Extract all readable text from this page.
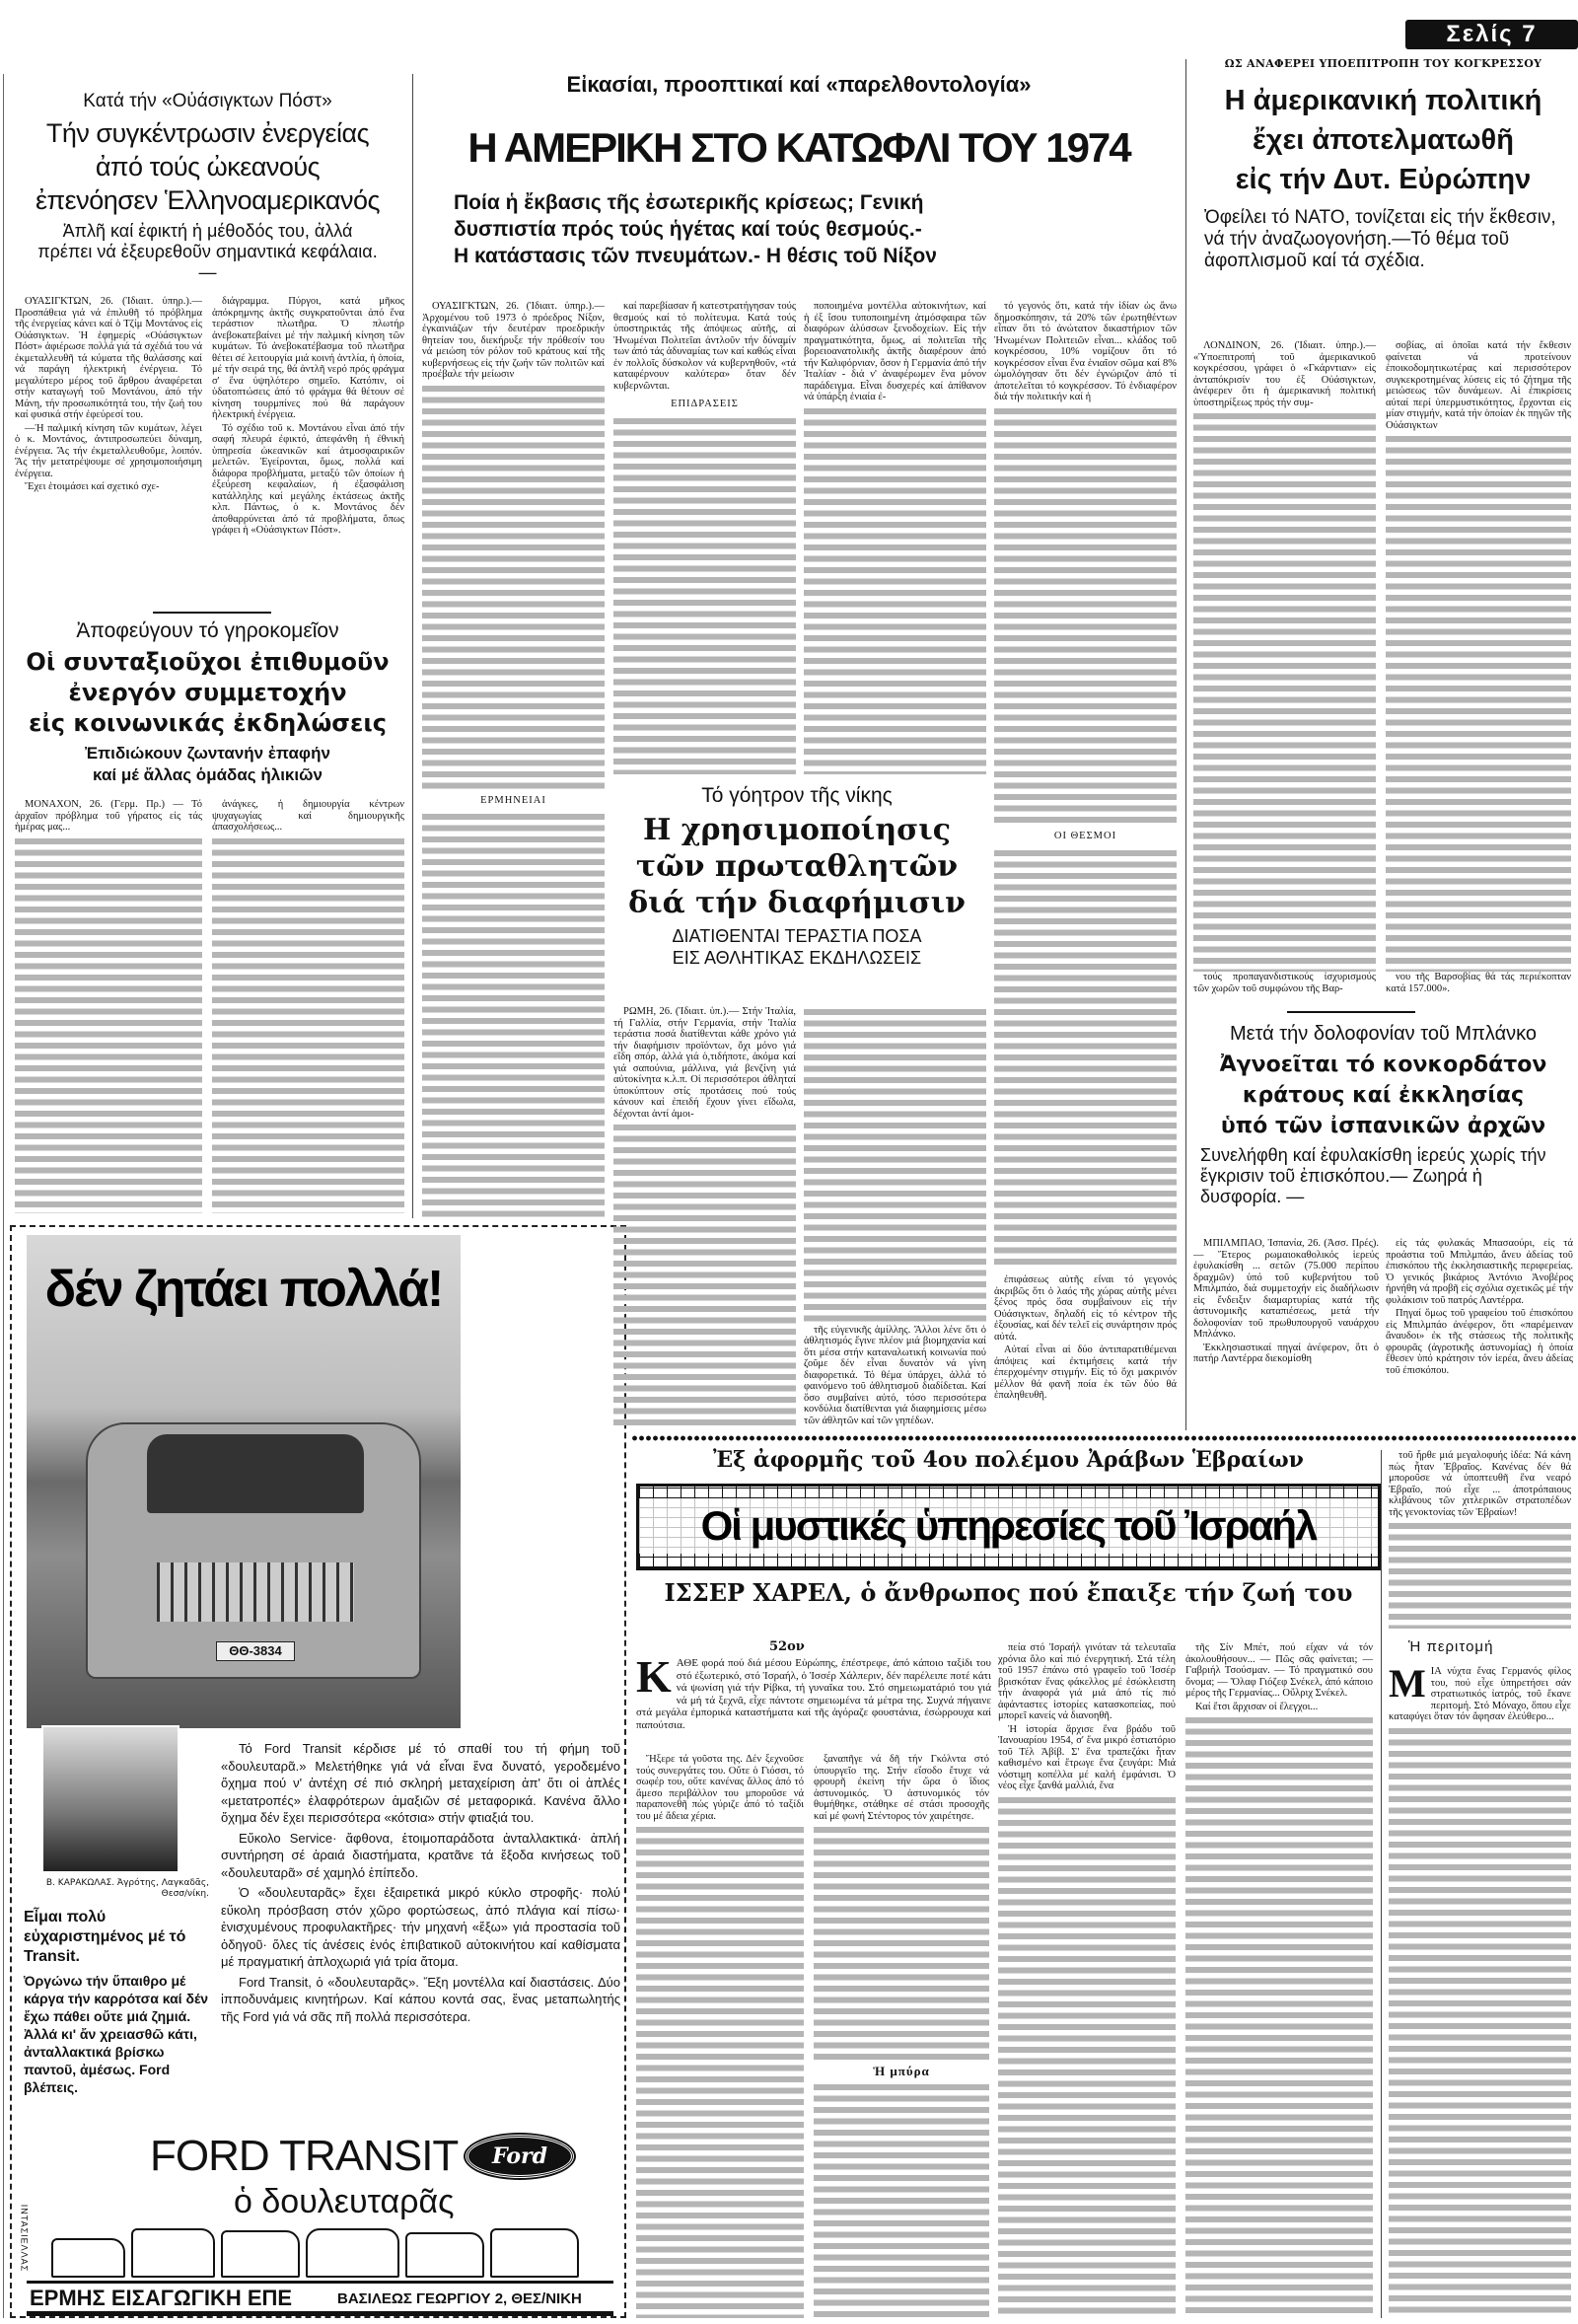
Σελίς 7
Κατά τήν «Οὐάσιγκτων Πόστ»
Τήν συγκέντρωσιν ἐνεργείας
ἀπό τούς ὠκεανούς
ἐπενόησεν Ἑλληνοαμερικανός
Ἁπλῆ καί ἐφικτή ἡ μέθοδός του, ἀλλά πρέπει νά ἐξευρεθοῦν σημαντικά κεφάλαια. —

ΟΥΑΣΙΓΚΤΩΝ, 26. (Ἰδιαιτ. ὑπηρ.).— Προσπάθεια γιά νά ἐπιλυθῆ τό πρόβλημα τῆς ἐνεργείας κάνει καί ὁ Τζίμ Μοντάνος εἰς Οὐάσιγκτων. Ἡ ἐφημερίς «Οὐάσιγκτων Πόστ» ἀφιέρωσε πολλά γιά τά σχέδιά του νά ἐκμεταλλευθῆ τά κύματα τῆς θαλάσσης καί νά παράγη ἠλεκτρική ἐνέργεια. Τό μεγαλύτερο μέρος τοῦ ἄρθρου ἀναφέρεται στήν καταγωγή τοῦ Μοντάνου, ἀπό τήν Μάνη, τήν προσωπικότητά του, τήν ζωή του καί φυσικά στήν ἐφεύρεσί του.

—Ἡ παλμική κίνηση τῶν κυμάτων, λέγει ὁ κ. Μοντάνος, ἀντιπροσωπεύει δύναμη, ἐνέργεια. Ἄς τήν ἐκμεταλλευθοῦμε, λοιπόν. Ἄς τήν μετατρέψουμε σέ χρησιμοποιήσιμη ἐνέργεια.

Ἔχει ἑτοιμάσει καί σχετικό σχε-

διάγραμμα. Πύργοι, κατά μῆκος ἀπόκρημνης ἀκτῆς συγκρατοῦνται ἀπό ἕνα τεράστιον πλωτῆρα. Ὁ πλωτήρ ἀνεβοκατεβαίνει μέ τήν παλμική κίνηση τῶν κυμάτων. Τό ἀνεβοκατέβασμα τοῦ πλωτῆρα θέτει σέ λειτουργία μιά κοινή ἀντλία, ἡ ὁποία, μέ τήν σειρά της, θά ἀντλῆ νερό πρός φράγμα σ' ἕνα ὑψηλότερο σημεῖο. Κατόπιν, οἱ ὑδατοπτώσεις ἀπό τό φράγμα θά θέτουν σέ κίνηση τουρμπίνες πού θά παράγουν ἠλεκτρική ἐνέργεια.

Τό σχέδιο τοῦ κ. Μοντάνου εἶναι ἀπό τήν σαφή πλευρά ἐφικτό, ἀπεφάνθη ἡ ἐθνική ὑπηρεσία ὠκεανικῶν καί ἀτμοσφαιρικῶν μελετῶν. Ἐγείρονται, ὅμως, πολλά καί διάφορα προβλήματα, μεταξύ τῶν ὁποίων ἡ ἐξεύρεση κεφαλαίων, ἡ ἐξασφάλιση κατάλληλης καί μεγάλης ἐκτάσεως ἀκτῆς κλπ. Πάντως, ὁ κ. Μοντάνος δέν ἀποθαρρύνεται ἀπό τά προβλήματα, ὅπως γράφει ἡ «Οὐάσιγκτων Πόστ».

Ἀποφεύγουν τό γηροκομεῖον
Οἱ συνταξιοῦχοι ἐπιθυμοῦν
ἐνεργόν συμμετοχήν
εἰς κοινωνικάς ἐκδηλώσεις
Ἐπιδιώκουν ζωντανήν ἐπαφήν
καί μέ ἄλλας ὁμάδας ἡλικιῶν

ΜΟΝΑΧΟΝ, 26. (Γερμ. Πρ.) — Τό ἀρχαῖον πρόβλημα τοῦ γήρατος εἰς τάς ἡμέρας μας...

ἀνάγκες, ἡ δημιουργία κέντρων ψυχαγωγίας καί δημιουργικῆς ἀπασχολήσεως...

ΘΘ-3834
δέν ζητάει πολλά!
Β. ΚΑΡΑΚΩΛΑΣ. Ἀγρότης, Λαγκαδᾶς, Θεσσ/νίκη.
Εἶμαι πολύ εὐχαριστημένος μέ τό Transit.
Ὀργώνω τήν ὕπαιθρο μέ κάργα τήν καρρότσα καί δέν ἔχω πάθει οὔτε μιά ζημιά. Ἀλλά κι' ἄν χρειασθῶ κάτι, ἀνταλλακτικά βρίσκω παντοῦ, ἀμέσως. Ford βλέπεις.

Τό Ford Transit κέρδισε μέ τό σπαθί του τή φήμη τοῦ «δουλευταρᾶ.» Μελετήθηκε γιά νά εἶναι ἕνα δυνατό, γεροδεμένο ὄχημα πού ν' ἀντέχη σέ πιό σκληρή μεταχείριση ἀπ' ὅτι οἱ ἁπλές «μετατροπές» ἐλαφρότερων ἁμαξιῶν σέ μεταφορικά. Κανένα ἄλλο ὄχημα δέν ἔχει περισσότερα «κότσια» στήν φτιαξιά του.

Εὔκολο Service· ἄφθονα, ἑτοιμοπαράδοτα ἀνταλλακτικά· ἁπλή συντήρηση σέ ἀραιά διαστήματα, κρατᾶνε τά ἔξοδα κινήσεως τοῦ «δουλευταρᾶ» σέ χαμηλό ἐπίπεδο.

Ὁ «δουλευταρᾶς» ἔχει ἐξαιρετικά μικρό κύκλο στροφῆς· πολύ εὔκολη πρόσβαση στόν χῶρο φορτώσεως, ἀπό πλάγια καί πίσω· ἐνισχυμένους προφυλακτῆρες· τήν μηχανή «ἔξω» γιά προστασία τοῦ ὁδηγοῦ· ὅλες τίς ἀνέσεις ἑνός ἐπιβατικοῦ αὐτοκινήτου καί καθίσματα μέ πραγματική ἀπλοχωριά γιά τρία ἄτομα.

Ford Transit, ὁ «δουλευταρᾶς». Ἔξη μοντέλλα καί διαστάσεις. Δύο ἱπποδυνάμεις κινητήρων. Καί κάπου κοντά σας, ἕνας μεταπωλητής τῆς Ford γιά νά σᾶς πῆ πολλά περισσότερα.

ΙΝΤΑΣΙΕΛΛΑΣ
FORD TRANSIT	Ford
ὁ δουλευταρᾶς
ΕΡΜΗΣ ΕΙΣΑΓΩΓΙΚΗ ΕΠΕ	ΒΑΣΙΛΕΩΣ ΓΕΩΡΓΙΟΥ 2, ΘΕΣ/ΝΙΚΗ
Εἰκασίαι, προοπτικαί καί «παρελθοντολογία»
Η ΑΜΕΡΙΚΗ ΣΤΟ ΚΑΤΩΦΛΙ ΤΟΥ 1974
Ποία ἡ ἔκβασις τῆς ἐσωτερικῆς κρίσεως; Γενική
δυσπιστία πρός τούς ἡγέτας καί τούς θεσμούς.-
Η κατάστασις τῶν πνευμάτων.- Η θέσις τοῦ Νίξον

ΟΥΑΣΙΓΚΤΩΝ, 26. (Ἰδιαιτ. ὑπηρ.).— Ἀρχομένου τοῦ 1973 ὁ πρόεδρος Νίξον, ἐγκαινιάζων τήν δευτέραν προεδρικήν θητείαν του, διεκήρυξε τήν πρόθεσίν του νά μειώση τόν ρόλον τοῦ κράτους καί τῆς κυβερνήσεως εἰς τήν ζωήν τῶν πολιτῶν καί προέβαλε τήν μείωσιν

ΕΡΜΗΝΕΙΑΙ

καί παρεβίασαν ἤ κατεστρατήγησαν τούς θεσμούς καί τό πολίτευμα. Κατά τούς ὑποστηρικτάς τῆς ἀπόψεως αὐτῆς, αἱ Ἡνωμέναι Πολιτεῖαι ἀντλοῦν τήν δύναμίν των ἀπό τάς ἀδυναμίας των καί καθώς εἶναι ἐν πολλοῖς δύσκολον νά κυβερνηθοῦν, «τά καταφέρνουν καλύτερα» ὅταν δέν κυβερνῶνται.

ΕΠΙΔΡΑΣΕΙΣ

ποποιημένα μοντέλλα αὐτοκινήτων, καί ἡ ἐξ ἴσου τυποποιημένη ἀτμόσφαιρα τῶν διαφόρων ἀλύσσων ξενοδοχείων. Εἰς τήν πραγματικότητα, ὅμως, αἱ πολιτεῖαι τῆς βορειοανατολικῆς ἀκτῆς διαφέρουν ἀπό τήν Καλιφόρνιαν, ὅσον ἡ Γερμανία ἀπό τήν Ἰταλίαν - διά ν' ἀναφέρωμεν ἕνα μόνον παράδειγμα. Εἶναι δυσχερές καί ἀπίθανον νά ὑπάρξη ἑνιαία ἐ-

τό γεγονός ὅτι, κατά τήν ἰδίαν ὡς ἄνω δημοσκόπησιν, τά 20% τῶν ἐρωτηθέντων εἶπαν ὅτι τό ἀνώτατον δικαστήριον τῶν Ἡνωμένων Πολιτειῶν εἶναι... κλάδος τοῦ κογκρέσσου, 10% νομίζουν ὅτι τό κογκρέσσον εἶναι ἕνα ἑνιαῖον σῶμα καί 8% ὡμολόγησαν ὅτι δέν ἐγνώριζον ἀπό τί ἀποτελεῖται τό κογκρέσσον. Τό ἐνδιαφέρον διά τήν πολιτικήν καί ἡ

ΟΙ ΘΕΣΜΟΙ
Τό γόητρον τῆς νίκης
Η χρησιμοποίησις
τῶν πρωταθλητῶν
διά τήν διαφήμισιν
ΔΙΑΤΙΘΕΝΤΑΙ ΤΕΡΑΣΤΙΑ ΠΟΣΑ
ΕΙΣ ΑΘΛΗΤΙΚΑΣ ΕΚΔΗΛΩΣΕΙΣ

ΡΩΜΗ, 26. (Ἰδιαιτ. ὑπ.).— Στήν Ἰταλία, τή Γαλλία, στήν Γερμανία, στήν Ἰταλία τεράστια ποσά διατίθενται κάθε χρόνο γιά τήν διαφήμισιν προϊόντων, ὄχι μόνο γιά εἴδη σπόρ, ἀλλά γιά ὁ,τιδήποτε, ἀκόμα καί γιά σαπούνια, μάλλινα, γιά βενζίνη γιά αὐτοκίνητα κ.λ.π. Οἱ περισσότεροι ἀθληταί ὑποκύπτουν στίς προτάσεις πού τούς κάνουν καί ἐπειδή ἔχουν γίνει εἴδωλα, δέχονται ἀντί ἀμοι-

τῆς εὐγενικῆς ἁμίλλης. Ἄλλοι λένε ὅτι ὁ ἀθλητισμός ἔγινε πλέον μιά βιομηχανία καί ὅτι μέσα στήν καταναλωτική κοινωνία πού ζοῦμε δέν εἶναι δυνατόν νά γίνη διαφορετικά. Τό θέμα ὑπάρχει, ἀλλά τό φαινόμενο τοῦ ἀθλητισμοῦ διαδίδεται. Καί ὅσο συμβαίνει αὐτό, τόσο περισσότερα κονδύλια διατίθενται γιά διαφημίσεις μέσω τῶν ἀθλητῶν καί τῶν γηπέδων.

ἐπιφάσεως αὐτῆς εἶναι τό γεγονός ἀκριβῶς ὅτι ὁ λαός τῆς χώρας αὐτῆς μένει ξένος πρός ὅσα συμβαίνουν εἰς τήν Οὐάσιγκτων, δηλαδή εἰς τό κέντρον τῆς ἐξουσίας, καί δέν τελεῖ εἰς συνάρτησιν πρός αὐτά.

Αὐταί εἶναι αἱ δύο ἀντιπαρατιθέμεναι ἀπόψεις καί ἐκτιμήσεις κατά τήν ἐπερχομένην στιγμήν. Εἰς τό ὄχι μακρινόν μέλλον θά φανῆ ποία ἐκ τῶν δύο θά ἐπαληθευθῆ.

ΩΣ ΑΝΑΦΕΡΕΙ ΥΠΟΕΠΙΤΡΟΠΗ ΤΟΥ ΚΟΓΚΡΕΣΣΟΥ
Η ἀμερικανική πολιτική
ἔχει ἀποτελματωθῆ
εἰς τήν Δυτ. Εὐρώπην
Ὀφείλει τό ΝΑΤΟ, τονίζεται εἰς τήν ἔκθεσιν, νά τήν ἀναζωογονήση.—Τό θέμα τοῦ ἀφοπλισμοῦ καί τά σχέδια.

ΛΟΝΔΙΝΟΝ, 26. (Ἰδιαιτ. ὑπηρ.).— «Ὑποεπιτροπή τοῦ ἀμερικανικοῦ κογκρέσσου, γράφει ὁ «Γκάρντιαν» εἰς ἀνταπόκρισίν του ἐξ Οὐάσιγκτων, ἀνέφερεν ὅτι ἡ ἀμερικανική πολιτική ὑποστηρίξεως πρός τήν συμ-

τούς προπαγανδιστικούς ἰσχυρισμούς τῶν χωρῶν τοῦ συμφώνου τῆς Βαρ-

σοβίας, αἱ ὁποῖαι κατά τήν ἔκθεσιν φαίνεται νά προτείνουν ἐποικοδομητικωτέρας καί περισσότερον συγκεκροτημένας λύσεις εἰς τό ζήτημα τῆς μειώσεως τῶν δυνάμεων. Αἱ ἐπικρίσεις αὐταί περί ὑπερμυστικότητος, ἔρχονται εἰς μίαν στιγμήν, κατά τήν ὁποίαν ἐκ πηγῶν τῆς Οὐάσιγκτων

νου τῆς Βαρσοβίας θά τάς περιέκοπταν κατά 157.000».

Μετά τήν δολοφονίαν τοῦ Μπλάνκο
Ἀγνοεῖται τό κονκορδάτον
κράτους καί ἐκκλησίας
ὑπό τῶν ἰσπανικῶν ἀρχῶν
Συνελήφθη καί ἐφυλακίσθη ἱερεύς χωρίς τήν ἔγκρισιν τοῦ ἐπισκόπου.— Ζωηρά ἡ δυσφορία. —

ΜΠΙΛΜΠΑΟ, Ἱσπανία, 26. (Ἀσσ. Πρές).— Ἕτερος ρωμαιοκαθολικός ἱερεύς ἐφυλακίσθη ... σετῶν (75.000 περίπου δραχμῶν) ὑπό τοῦ κυβερνήτου τοῦ Μπιλμπάο, διά συμμετοχήν εἰς διαδήλωσιν εἰς ἔνδειξιν διαμαρτυρίας κατά τῆς ἀστυνομικῆς καταπιέσεως, μετά τήν δολοφονίαν τοῦ πρωθυπουργοῦ ναυάρχου Μπλάνκο.

Ἐκκλησιαστικαί πηγαί ἀνέφερον, ὅτι ὁ πατήρ Λαντέρρα διεκομίσθη

εἰς τάς φυλακάς Μπασαούρι, εἰς τά προάστια τοῦ Μπιλμπάο, ἄνευ ἀδείας τοῦ ἐπισκόπου τῆς ἐκκλησιαστικῆς περιφερείας. Ὁ γενικός βικάριος Ἀντόνιο Ἀνοβέρος ἠρνήθη νά προβῆ εἰς σχόλια σχετικῶς μέ τήν φυλάκισιν τοῦ πατρός Λαντέρρα.

Πηγαί ὅμως τοῦ γραφείου τοῦ ἐπισκόπου εἰς Μπιλμπάο ἀνέφερον, ὅτι «παρέμειναν ἄναυδοι» ἐκ τῆς στάσεως τῆς πολιτικῆς φρουρᾶς (ἀγροτικῆς ἀστυνομίας) ἡ ὁποία ἔθεσεν ὑπό κράτησιν τόν ἱερέα, ἄνευ ἀδείας τοῦ ἐπισκόπου.

Ἐξ ἀφορμῆς τοῦ 4ου πολέμου Ἀράβων Ἑβραίων
Οἱ μυστικές ὑπηρεσίες τοῦ Ἰσραήλ
ΙΣΣΕΡ ΧΑΡΕΛ, ὁ ἄνθρωπος πού ἔπαιξε τήν ζωή του
52ον
ΚΑΘΕ φορά πού διά μέσου Εὐρώπης, ἐπέστρεφε, ἀπό κάποιο ταξίδι του στό ἐξωτερικό, στό Ἰσραήλ, ὁ Ἰσσέρ Χάλπεριν, δέν παρέλειπε ποτέ κάτι νά ψωνίση γιά τήν Ρίβκα, τή γυναῖκα του. Στό σημειωματάριό του γιά νά μή τά ξεχνᾶ, εἶχε πάντοτε σημειωμένα τά μέτρα της. Συχνά πήγαινε στά μεγάλα ἐμπορικά καταστήματα καί τῆς ἀγόραζε φουστάνια, ἐσώρρουχα καί παπούτσια.

Ἤξερε τά γοῦστα της. Δέν ξεχνοῦσε τούς συνεργάτες του. Οὔτε ὁ Γιόσσι, τό σωφέρ του, οὔτε κανένας ἄλλος ἀπό τό ἄμεσο περιβάλλον του μποροῦσε νά παραπονεθῆ πώς γύριζε ἀπό τό ταξίδι του μέ ἄδεια χέρια.

ξαναπῆγε νά δῆ τήν Γκόλντα στό ὑπουργεῖο της. Στήν εἴσοδο ἔτυχε νά φρουρῆ ἐκείνη τήν ὥρα ὁ ἴδιος ἀστυνομικός. Ὁ ἀστυνομικός τόν θυμήθηκε, στάθηκε σέ στάσι προσοχῆς καί μέ φωνή Στέντορος τόν χαιρέτησε.

Ἡ μπύρα

πεία στό Ἰσραήλ γινόταν τά τελευταῖα χρόνια ὅλο καί πιό ἐνεργητική. Στά τέλη τοῦ 1957 ἐπάνω στό γραφεῖο τοῦ Ἰσσέρ βρισκόταν ἕνας φάκελλος μέ ἐσώκλειστη τήν ἀναφορά γιά μιά ἀπό τίς πιό ἀφάνταστες ἱστορίες κατασκοπείας, πού μπορεῖ κανείς νά διανοηθῆ.

Ἡ ἱστορία ἄρχισε ἕνα βράδυ τοῦ Ἰανουαρίου 1954, σ' ἕνα μικρό ἑστιατόριο τοῦ Τέλ Ἀβίβ. Σ' ἕνα τραπεζάκι ἦταν καθισμένο καί ἔτρωγε ἕνα ζευγάρι: Μιά νόστιμη κοπέλλα μέ καλή ἐμφάνισι. Ὁ νέος εἶχε ξανθά μαλλιά, ἕνα

τῆς Σίν Μπέτ, πού εἶχαν νά τόν ἀκολουθήσουν... — Πῶς σᾶς φαίνεται; — Γαβριήλ Τσούσμαν. — Τό πραγματικό σου ὄνομα; — Ὄλαφ Γιόζεφ Σνέκελ, ἀπό κάποιο μέρος τῆς Γερμανίας... Οὔλριχ Σνέκελ.

Καί ἔτσι ἄρχισαν οἱ ἔλεγχοι...

τοῦ ἦρθε μιά μεγαλοφυής ἰδέα: Νά κάνη πώς ἦταν Ἑβραῖος. Κανένας δέν θά μποροῦσε νά ὑποπτευθῆ ἕνα νεαρό Ἑβραῖο, πού εἶχε ... ἀποτρόπαιους κλιβάνους τῶν χιτλερικῶν στρατοπέδων τῆς γενοκτονίας τῶν Ἑβραίων!

Ἡ περιτομή

ΜΙΑ νύχτα ἕνας Γερμανός φίλος του, πού εἶχε ὑπηρετήσει σάν στρατιωτικός ἰατρός, τοῦ ἔκανε περιτομή. Στό Μόναχο, ὅπου εἶχε καταφύγει ὅταν τόν ἄφησαν ἐλεύθερο...
